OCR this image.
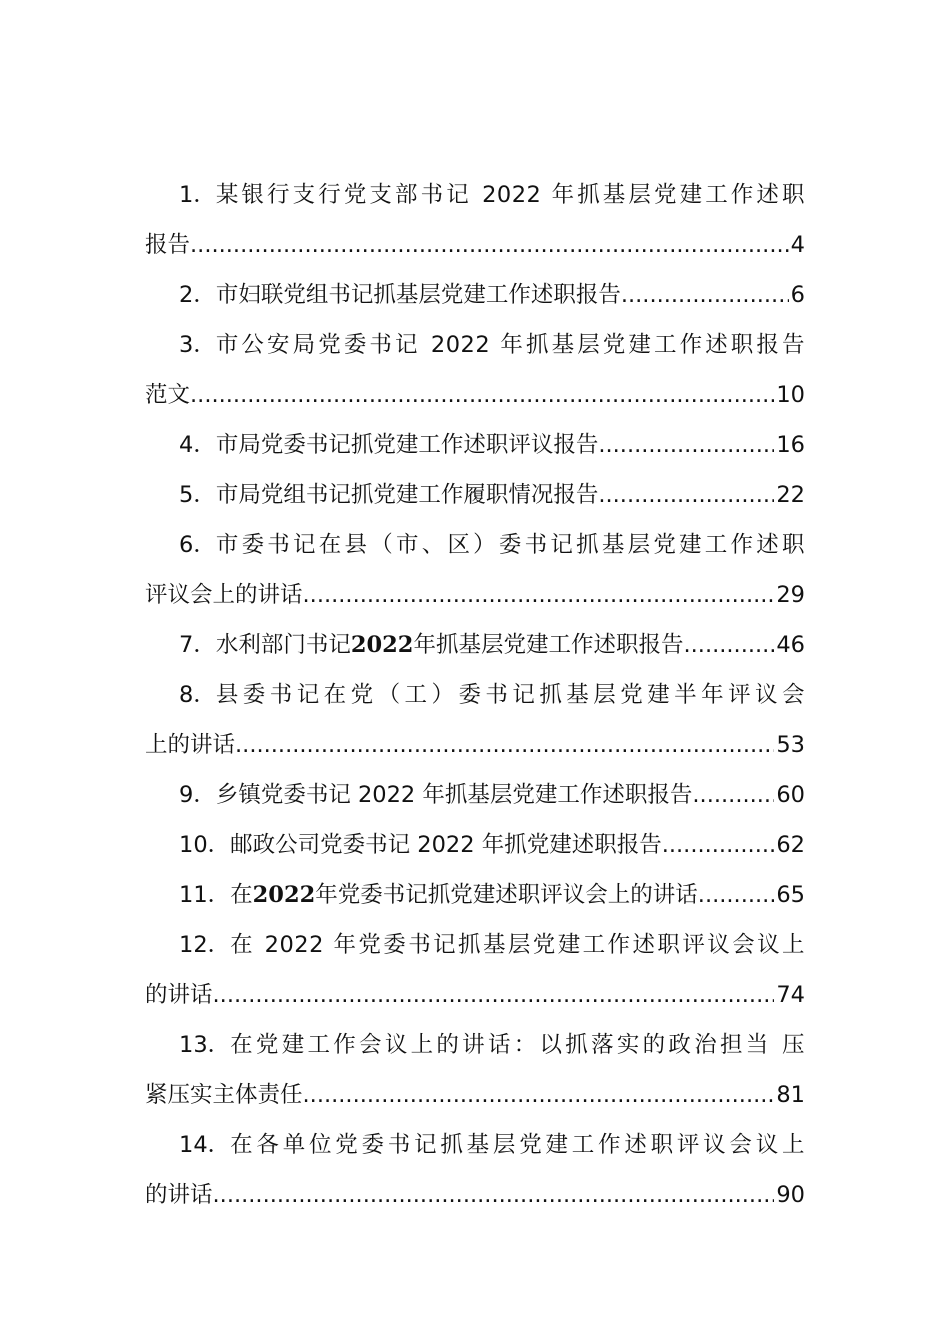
1． 某银行支行党支部书记 2022 年抓基层党建工作述职
报告 .....	4
2． 市妇联党组书记抓基层党建工作述职报告 .....	6
3． 市公安局党委书记 2022 年抓基层党建工作述职报告
范文 .....	10
4． 市局党委书记抓党建工作述职评议报告 .....	16
5． 市局党组书记抓党建工作履职情况报告 .....	22
6． 市委书记在县（市、区）委书记抓基层党建工作述职
评议会上的讲话 .....	29
7． 水利部门书记 2022 年抓基层党建工作述职报告 .....	46
8． 县委书记在党（工）委书记抓基层党建半年评议会
上的讲话 .....	53
9． 乡镇党委书记 2022 年抓基层党建工作述职报告 .....	60
10． 邮政公司党委书记 2022 年抓党建述职报告 .....	62
11． 在 2022 年党委书记抓党建述职评议会上的讲话 .....	65
12． 在 2022 年党委书记抓基层党建工作述职评议会议上
的讲话 .....	74
13． 在党建工作会议上的讲话：以抓落实的政治担当 压
紧压实主体责任 .....	81
14． 在各单位党委书记抓基层党建工作述职评议会议上
的讲话 .....	90
